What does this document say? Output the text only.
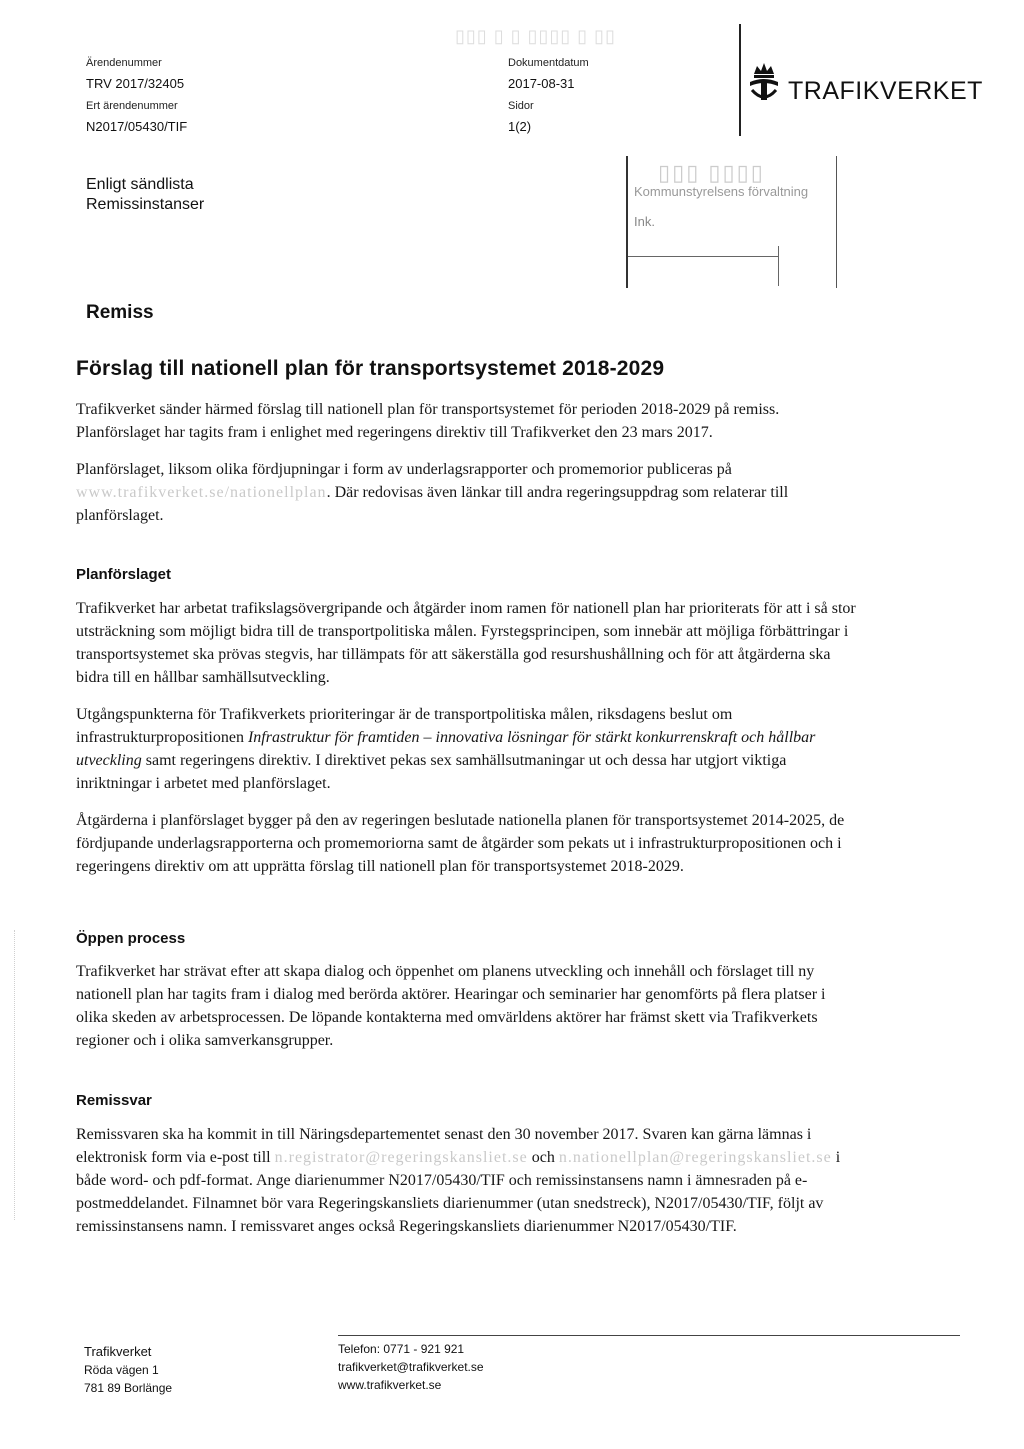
▯▯▯ ▯ ▯ ▯▯▯▯ ▯ ▯▯
Ärendenummer
TRV 2017/32405
Ert ärendenummer
N2017/05430/TIF
Dokumentdatum
2017-08-31
Sidor
1(2)
TRAFIKVERKET
Enligt sändlista
Remissinstanser
▯▯▯ ▯▯▯▯
Kommunstyrelsens förvaltning
Ink.
Remiss
Förslag till nationell plan för transportsystemet 2018-2029

Trafikverket sänder härmed förslag till nationell plan för transportsystemet för perioden 2018-2029 på remiss. Planförslaget har tagits fram i enlighet med regeringens direktiv till Trafikverket den 23 mars 2017.

Planförslaget, liksom olika fördjupningar i form av underlagsrapporter och promemorior publiceras på www.trafikverket.se/nationellplan. Där redovisas även länkar till andra regeringsuppdrag som relaterar till planförslaget.

Planförslaget

Trafikverket har arbetat trafikslagsövergripande och åtgärder inom ramen för nationell plan har prioriterats för att i så stor utsträckning som möjligt bidra till de transportpolitiska målen. Fyrstegsprincipen, som innebär att möjliga förbättringar i transportsystemet ska prövas stegvis, har tillämpats för att säkerställa god resurshushållning och för att åtgärderna ska bidra till en hållbar samhällsutveckling.

Utgångspunkterna för Trafikverkets prioriteringar är de transportpolitiska målen, riksdagens beslut om infrastrukturpropositionen Infrastruktur för framtiden – innovativa lösningar för stärkt konkurrenskraft och hållbar utveckling samt regeringens direktiv. I direktivet pekas sex samhällsutmaningar ut och dessa har utgjort viktiga inriktningar i arbetet med planförslaget.

Åtgärderna i planförslaget bygger på den av regeringen beslutade nationella planen för transportsystemet 2014-2025, de fördjupande underlagsrapporterna och promemoriorna samt de åtgärder som pekats ut i infrastrukturpropositionen och i regeringens direktiv om att upprätta förslag till nationell plan för transportsystemet 2018-2029.

Öppen process

Trafikverket har strävat efter att skapa dialog och öppenhet om planens utveckling och innehåll och förslaget till ny nationell plan har tagits fram i dialog med berörda aktörer. Hearingar och seminarier har genomförts på flera platser i olika skeden av arbetsprocessen. De löpande kontakterna med omvärldens aktörer har främst skett via Trafikverkets regioner och i olika samverkansgrupper.

Remissvar

Remissvaren ska ha kommit in till Näringsdepartementet senast den 30 november 2017. Svaren kan gärna lämnas i elektronisk form via e-post till n.registrator@regeringskansliet.se och n.nationellplan@regeringskansliet.se i både word- och pdf-format. Ange diarienummer N2017/05430/TIF och remissinstansens namn i ämnesraden på e-postmeddelandet. Filnamnet bör vara Regeringskansliets diarienummer (utan snedstreck), N2017/05430/TIF, följt av remissinstansens namn. I remissvaret anges också Regeringskansliets diarienummer N2017/05430/TIF.

Trafikverket
Röda vägen 1
781 89 Borlänge
Telefon: 0771 - 921 921
trafikverket@trafikverket.se
www.trafikverket.se
